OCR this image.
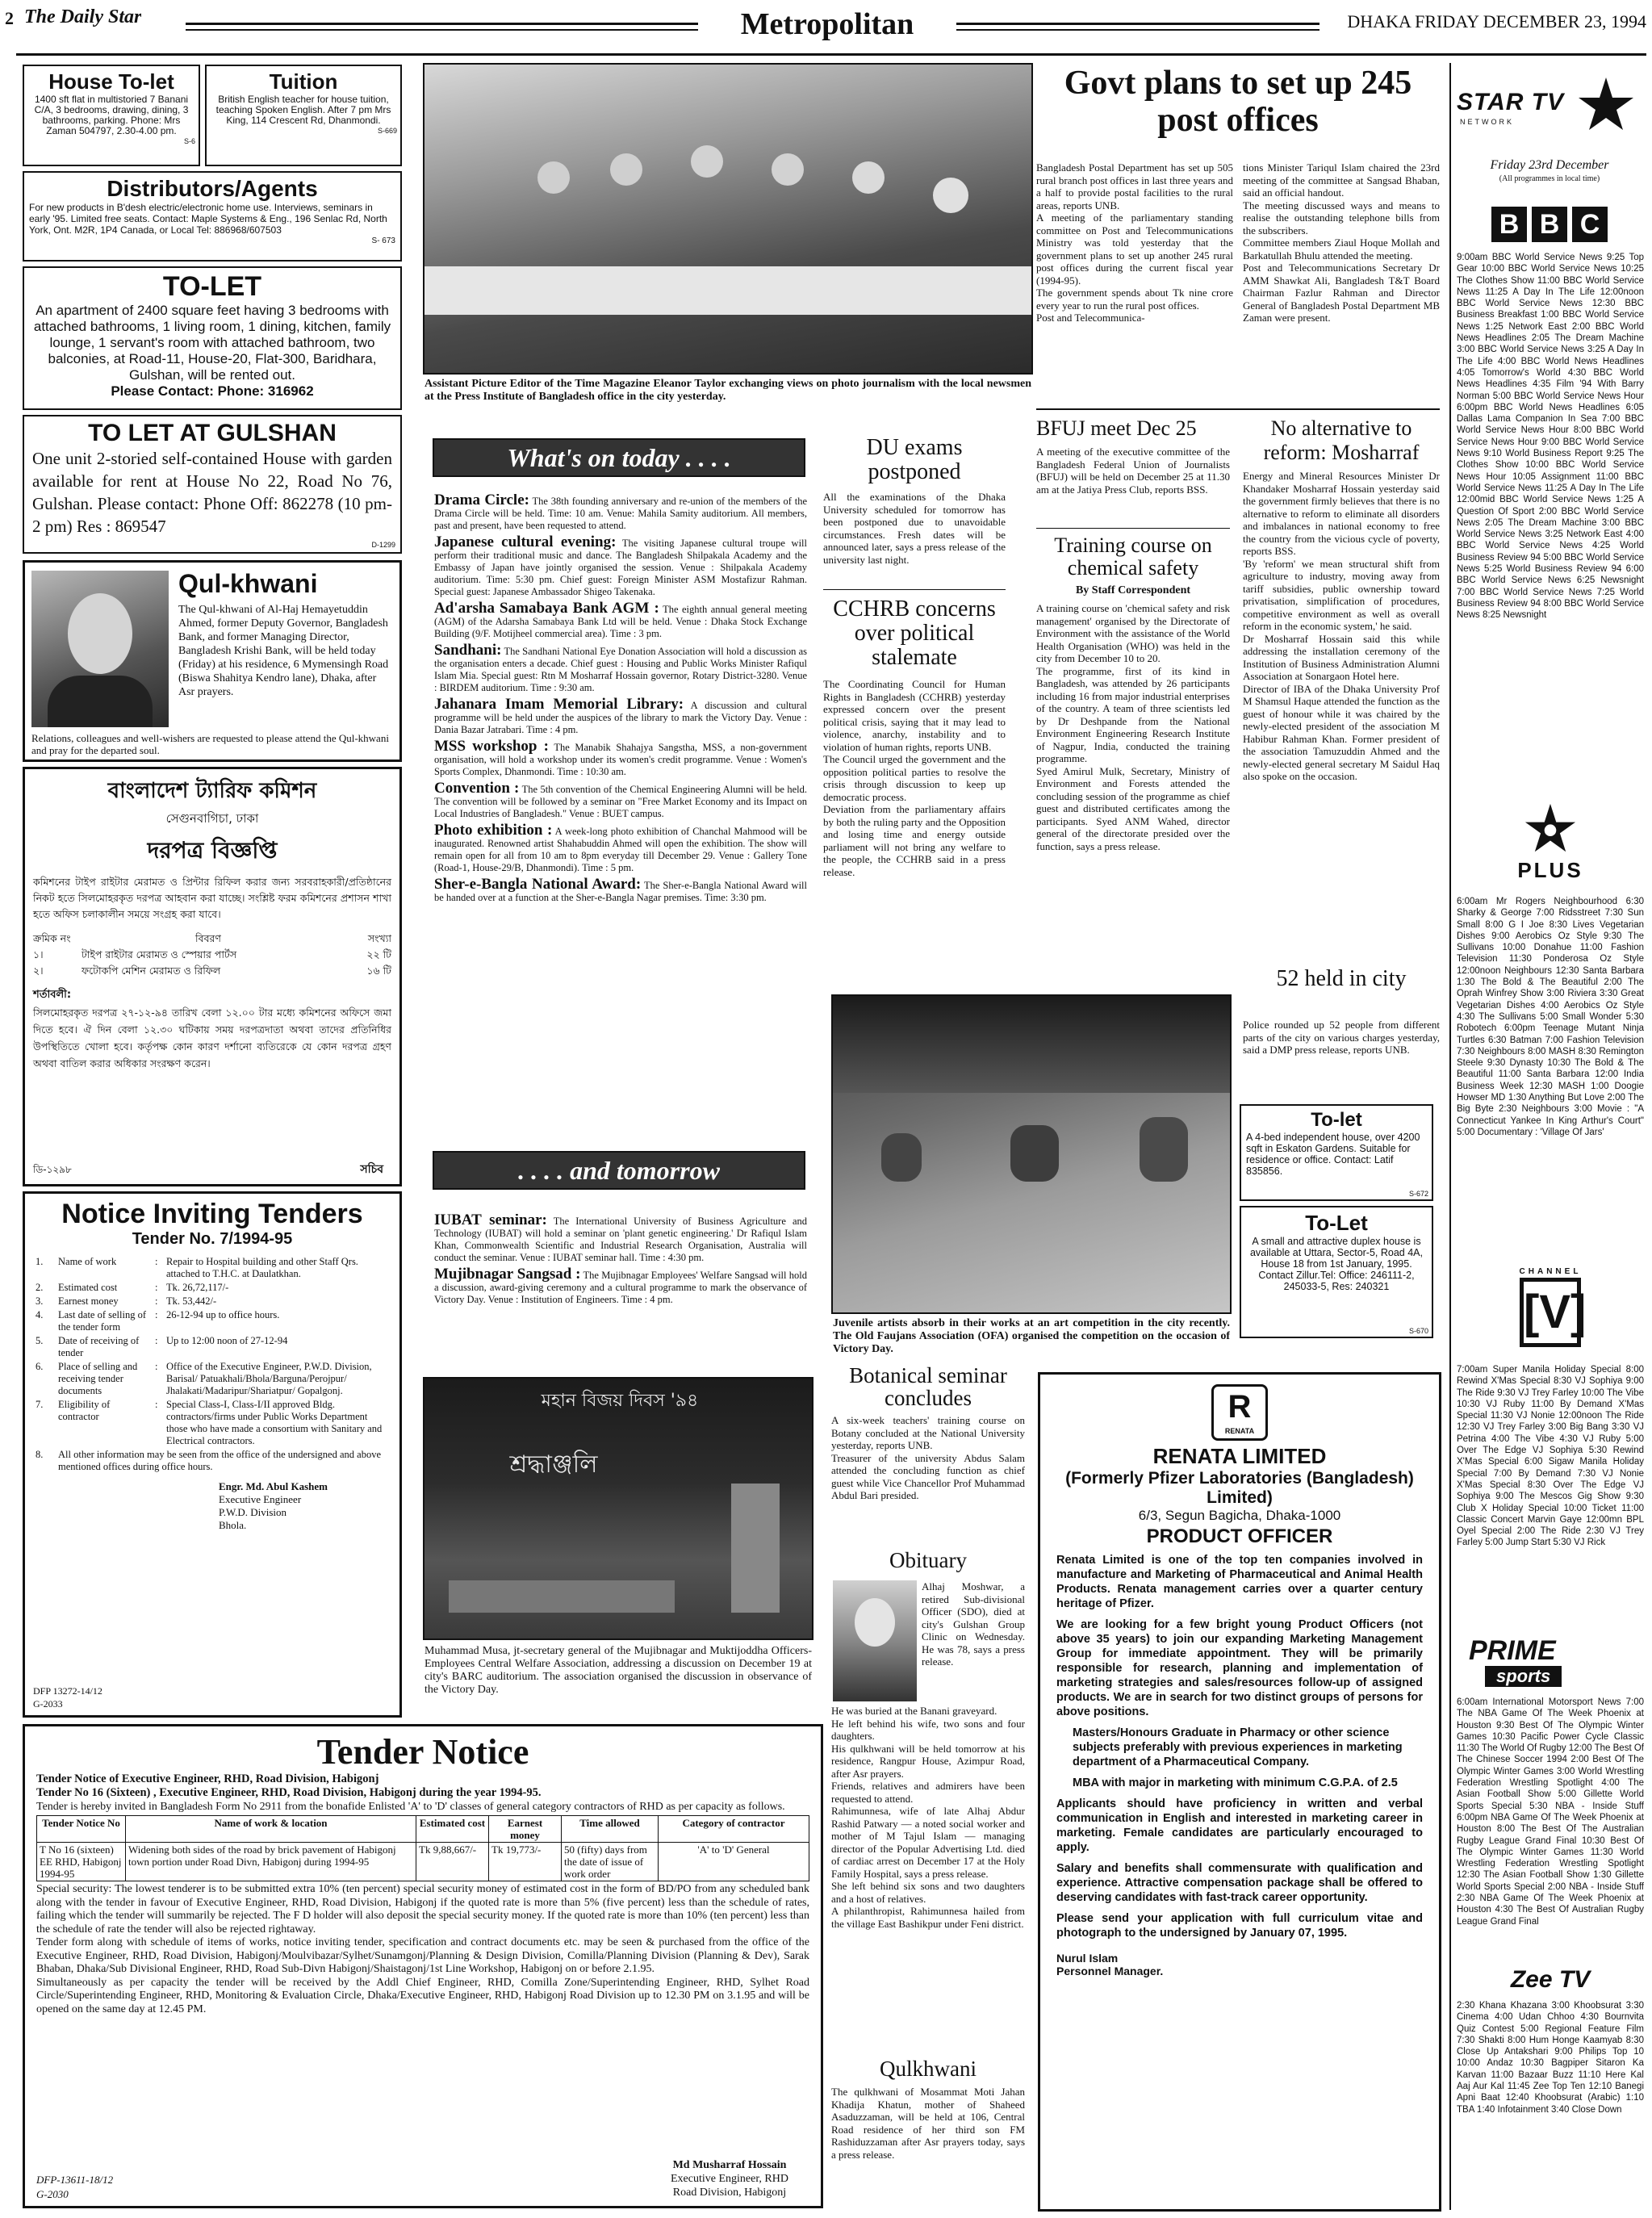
2 The Daily Star	Metropolitan	DHAKA FRIDAY DECEMBER 23, 1994
House To-let
1400 sft flat in multistoried 7 Banani C/A, 3 bedrooms, drawing, dining, 3 bathrooms, parking. Phone: Mrs Zaman 504797, 2.30-4.00 pm.
S-6
Tuition
British English teacher for house tuition, teaching Spoken English. After 7 pm Mrs King, 114 Crescent Rd, Dhanmondi.
S-669
Distributors/Agents
For new products in B'desh electric/electronic home use. Interviews, seminars in early '95. Limited free seats. Contact: Maple Systems & Eng., 196 Senlac Rd, North York, Ont. M2R, 1P4 Canada, or Local Tel: 886968/607503
S- 673
TO-LET
An apartment of 2400 square feet having 3 bedrooms with attached bathrooms, 1 living room, 1 dining, kitchen, family lounge, 1 servant's room with attached bathroom, two balconies, at Road-11, House-20, Flat-300, Baridhara, Gulshan, will be rented out.
Please Contact: Phone: 316962
TO LET AT GULSHAN
One unit 2-storied self-contained House with garden available for rent at House No 22, Road No 76, Gulshan. Please contact: Phone Off: 862278 (10 pm-2 pm) Res : 869547
D-1299
Qul-khwani
The Qul-khwani of Al-Haj Hemayetuddin Ahmed, former Deputy Governor, Bangladesh Bank, and former Managing Director, Bangladesh Krishi Bank, will be held today (Friday) at his residence, 6 Mymensingh Road (Biswa Shahitya Kendro lane), Dhaka, after Asr prayers.
Relations, colleagues and well-wishers are requested to please attend the Qul-khwani and pray for the departed soul.
বাংলাদেশ ট্যারিফ কমিশন
সেগুনবাগিচা, ঢাকা
দরপত্র বিজ্ঞপ্তি
কমিশনের টাইপ রাইটার মেরামত ও প্রিন্টার রিফিল করার জন্য সরবরাহকারী/প্রতিষ্ঠানের নিকট হতে সিলমোহরকৃত দরপত্র আহবান করা যাচ্ছে। সংশ্লিষ্ট ফরম কমিশনের প্রশাসন শাখা হতে অফিস চলাকালীন সময়ে সংগ্রহ করা যাবে।
ক্রমিক নং	বিবরণ	সংখ্যা
১।	টাইপ রাইটার মেরামত ও স্পেয়ার পার্টস	২২ টি
২।	ফটোকপি মেশিন মেরামত ও রিফিল	১৬ টি
শর্তাবলী:
সিলমোহরকৃত দরপত্র ২৭-১২-৯৪ তারিখ বেলা ১২.০০ টার মধ্যে কমিশনের অফিসে জমা দিতে হবে। ঐ দিন বেলা ১২.৩০ ঘটিকায় সময় দরপত্রদাতা অথবা তাদের প্রতিনিধির উপস্থিতিতে খোলা হবে। কর্তৃপক্ষ কোন কারণ দর্শানো ব্যতিরেকে যে কোন দরপত্র গ্রহণ অথবা বাতিল করার অধিকার সংরক্ষণ করেন।
ডি-১২৯৮	সচিব
Notice Inviting Tenders
Tender No. 7/1994-95
1.	Name of work	:	Repair to Hospital building and other Staff Qrs. attached to T.H.C. at Daulatkhan.
2.	Estimated cost	:	Tk. 26,72,117/-
3.	Earnest money	:	Tk. 53,442/-
4.	Last date of selling of the tender form	:	26-12-94 up to office hours.
5.	Date of receiving of tender	:	Up to 12:00 noon of 27-12-94
6.	Place of selling and receiving tender documents	:	Office of the Executive Engineer, P.W.D. Division, Barisal/ Patuakhali/Bhola/Barguna/Perojpur/ Jhalakati/Madaripur/Shariatpur/ Gopalgonj.
7.	Eligibility of contractor	:	Special Class-I, Class-I/II approved Bldg. contractors/firms under Public Works Department those who have made a consortium with Sanitary and Electrical contractors.
8.	All other information may be seen from the office of the undersigned and above mentioned offices during office hours.		
Engr. Md. Abul Kashem
Executive Engineer
P.W.D. Division
Bhola.
DFP 13272-14/12
G-2033
Tender Notice
Tender Notice of Executive Engineer, RHD, Road Division, Habigonj
Tender No 16 (Sixteen) , Executive Engineer, RHD, Road Division, Habigonj during the year 1994-95.
Tender is hereby invited in Bangladesh Form No 2911 from the bonafide Enlisted 'A' to 'D' classes of general category contractors of RHD as per capacity as follows.
Tender Notice No	Name of work & location	Estimated cost	Earnest money	Time allowed	Category of contractor
T No 16 (sixteen) EE RHD, Habigonj 1994-95	Widening both sides of the road by brick pavement of Habigonj town portion under Road Divn, Habigonj during 1994-95	Tk 9,88,667/-	Tk 19,773/-	50 (fifty) days from the date of issue of work order	'A' to 'D' General
Special security: The lowest tenderer is to be submitted extra 10% (ten percent) special security money of estimated cost in the form of BD/PO from any scheduled bank along with the tender in favour of Executive Engineer, RHD, Road Division, Habigonj if the quoted rate is more than 5% (five percent) less than the schedule of rates, failing which the tender will summarily be rejected. The F D holder will also deposit the special security money. If the quoted rate is more than 10% (ten percent) less than the schedule of rate the tender will also be rejected rightaway.
Tender form along with schedule of items of works, notice inviting tender, specification and contract documents etc. may be seen & purchased from the office of the Executive Engineer, RHD, Road Division, Habigonj/Moulvibazar/Sylhet/Sunamgonj/Planning & Design Division, Comilla/Planning Division (Planning & Dev), Sarak Bhaban, Dhaka/Sub Divisional Engineer, RHD, Road Sub-Divn Habigonj/Shaistagonj/1st Line Workshop, Habigonj on or before 2.1.95.
Simultaneously as per capacity the tender will be received by the Addl Chief Engineer, RHD, Comilla Zone/Superintending Engineer, RHD, Sylhet Road Circle/Superintending Engineer, RHD, Monitoring & Evaluation Circle, Dhaka/Executive Engineer, RHD, Habigonj Road Division up to 12.30 PM on 3.1.95 and will be opened on the same day at 12.45 PM.
Md Musharraf Hossain
Executive Engineer, RHD
Road Division, Habigonj
DFP-13611-18/12
G-2030
Assistant Picture Editor of the Time Magazine Eleanor Taylor exchanging views on photo journalism with the local newsmen at the Press Institute of Bangladesh office in the city yesterday.
What's on today . . . .
Drama Circle: The 38th founding anniversary and re-union of the members of the Drama Circle will be held. Time: 10 am. Venue: Mahila Samity auditorium. All members, past and present, have been requested to attend.
Japanese cultural evening: The visiting Japanese cultural troupe will perform their traditional music and dance. The Bangladesh Shilpakala Academy and the Embassy of Japan have jointly organised the session. Venue : Shilpakala Academy auditorium. Time: 5:30 pm. Chief guest: Foreign Minister ASM Mostafizur Rahman. Special guest: Japanese Ambassador Shigeo Takenaka.
Ad'arsha Samabaya Bank AGM : The eighth annual general meeting (AGM) of the Adarsha Samabaya Bank Ltd will be held. Venue : Dhaka Stock Exchange Building (9/F. Motijheel commercial area). Time : 3 pm.
Sandhani: The Sandhani National Eye Donation Association will hold a discussion as the organisation enters a decade. Chief guest : Housing and Public Works Minister Rafiqul Islam Mia. Special guest: Rtn M Mosharraf Hossain governor, Rotary District-3280. Venue : BIRDEM auditorium. Time : 9:30 am.
Jahanara Imam Memorial Library: A discussion and cultural programme will be held under the auspices of the library to mark the Victory Day. Venue : Dania Bazar Jatrabari. Time : 4 pm.
MSS workshop : The Manabik Shahajya Sangstha, MSS, a non-government organisation, will hold a workshop under its women's credit programme. Venue : Women's Sports Complex, Dhanmondi. Time : 10:30 am.
Convention : The 5th convention of the Chemical Engineering Alumni will be held. The convention will be followed by a seminar on "Free Market Economy and its Impact on Local Industries of Bangladesh." Venue : BUET campus.
Photo exhibition : A week-long photo exhibition of Chanchal Mahmood will be inaugurated. Renowned artist Shahabuddin Ahmed will open the exhibition. The show will remain open for all from 10 am to 8pm everyday till December 29. Venue : Gallery Tone (Road-1, House-29/B, Dhanmondi). Time : 5 pm.
Sher-e-Bangla National Award: The Sher-e-Bangla National Award will be handed over at a function at the Sher-e-Bangla Nagar premises. Time: 3:30 pm.
. . . . and tomorrow
IUBAT seminar: The International University of Business Agriculture and Technology (IUBAT) will hold a seminar on 'plant genetic engineering.' Dr Rafiqul Islam Khan, Commonwealth Scientific and Industrial Research Organisation, Australia will conduct the seminar. Venue : IUBAT seminar hall. Time : 4:30 pm.
Mujibnagar Sangsad : The Mujibnagar Employees' Welfare Sangsad will hold a discussion, award-giving ceremony and a cultural programme to mark the observance of Victory Day. Venue : Institution of Engineers. Time : 4 pm.
মহান বিজয় দিবস '৯৪
শ্রদ্ধাঞ্জলি
Muhammad Musa, jt-secretary general of the Mujibnagar and Muktijoddha Officers-Employees Central Welfare Association, addressing a discussion on December 19 at city's BARC auditorium. The association organised the discussion in observance of the Victory Day.
Govt plans to set up 245 post offices
Bangladesh Postal Department has set up 505 rural branch post offices in last three years and a half to provide postal facilities to the rural areas, reports UNB.
A meeting of the parliamentary standing committee on Post and Telecommunications Ministry was told yesterday that the government plans to set up another 245 rural post offices during the current fiscal year (1994-95).
The government spends about Tk nine crore every year to run the rural post offices.
Post and Telecommunica-
tions Minister Tariqul Islam chaired the 23rd meeting of the committee at Sangsad Bhaban, said an official handout.
The meeting discussed ways and means to realise the outstanding telephone bills from the subscribers.
Committee members Ziaul Hoque Mollah and Barkatullah Bhulu attended the meeting.
Post and Telecommunications Secretary Dr AMM Shawkat Ali, Bangladesh T&T Board Chairman Fazlur Rahman and Director General of Bangladesh Postal Department MB Zaman were present.
DU exams postponed
All the examinations of the Dhaka University scheduled for tomorrow has been postponed due to unavoidable circumstances. Fresh dates will be announced later, says a press release of the university last night.
CCHRB concerns over political stalemate
The Coordinating Council for Human Rights in Bangladesh (CCHRB) yesterday expressed concern over the present political crisis, saying that it may lead to violence, anarchy, instability and to violation of human rights, reports UNB.
The Council urged the government and the opposition political parties to resolve the crisis through discussion to keep up democratic process.
Deviation from the parliamentary affairs by both the ruling party and the Opposition and losing time and energy outside parliament will not bring any welfare to the people, the CCHRB said in a press release.
BFUJ meet Dec 25
A meeting of the executive committee of the Bangladesh Federal Union of Journalists (BFUJ) will be held on December 25 at 11.30 am at the Jatiya Press Club, reports BSS.
Training course on chemical safety
By Staff Correspondent
A training course on 'chemical safety and risk management' organised by the Directorate of Environment with the assistance of the World Health Organisation (WHO) was held in the city from December 10 to 20.
The programme, first of its kind in Bangladesh, was attended by 26 participants including 16 from major industrial enterprises of the country. A team of three scientists led by Dr Deshpande from the National Environment Engineering Research Institute of Nagpur, India, conducted the training programme.
Syed Amirul Mulk, Secretary, Ministry of Environment and Forests attended the concluding session of the programme as chief guest and distributed certificates among the participants. Syed ANM Wahed, director general of the directorate presided over the function, says a press release.
No alternative to reform: Mosharraf
Energy and Mineral Resources Minister Dr Khandaker Mosharraf Hossain yesterday said the government firmly believes that there is no alternative to reform to eliminate all disorders and imbalances in national economy to free the country from the vicious cycle of poverty, reports BSS.
'By 'reform' we mean structural shift from agriculture to industry, moving away from tariff subsidies, public ownership toward privatisation, simplification of procedures, competitive environment as well as overall reform in the economic system,' he said.
Dr Mosharraf Hossain said this while addressing the installation ceremony of the Institution of Business Administration Alumni Association at Sonargaon Hotel here.
Director of IBA of the Dhaka University Prof M Shamsul Haque attended the function as the guest of honour while it was chaired by the newly-elected president of the association M Habibur Rahman Khan. Former president of the association Tamuzuddin Ahmed and the newly-elected general secretary M Saidul Haq also spoke on the occasion.
52 held in city
Police rounded up 52 people from different parts of the city on various charges yesterday, said a DMP press release, reports UNB.
Juvenile artists absorb in their works at an art competition in the city recently. The Old Faujans Association (OFA) organised the competition on the occasion of Victory Day.
To-let
A 4-bed independent house, over 4200 sqft in Eskaton Gardens. Suitable for residence or office. Contact: Latif 835856.
S-672
To-Let
A small and attractive duplex house is available at Uttara, Sector-5, Road 4A, House 18 from 1st January, 1995.
Contact Zillur.Tel: Office: 246111-2, 245033-5, Res: 240321
S-670
Botanical seminar concludes
A six-week teachers' training course on Botany concluded at the National University yesterday, reports UNB.
Treasurer of the university Abdus Salam attended the concluding function as chief guest while Vice Chancellor Prof Muhammad Abdul Bari presided.
Obituary
Alhaj Moshwar, a retired Sub-divisional Officer (SDO), died at city's Gulshan Group Clinic on Wednesday. He was 78, says a press release.
He was buried at the Banani graveyard.
He left behind his wife, two sons and four daughters.
His qulkhwani will be held tomorrow at his residence, Rangpur House, Azimpur Road, after Asr prayers.
Friends, relatives and admirers have been requested to attend.
Rahimunnesa, wife of late Alhaj Abdur Rashid Patwary — a noted social worker and mother of M Tajul Islam — managing director of the Popular Advertising Ltd. died of cardiac arrest on December 17 at the Holy Family Hospital, says a press release.
She left behind six sons and two daughters and a host of relatives.
A philanthropist, Rahimunnesa hailed from the village East Bashikpur under Feni district.
Qulkhwani
The qulkhwani of Mosammat Moti Jahan Khadija Khatun, mother of Shaheed Asaduzzaman, will be held at 106, Central Road residence of her third son FM Rashiduzzaman after Asr prayers today, says a press release.
R
RENATA
RENATA LIMITED
(Formerly Pfizer Laboratories (Bangladesh) Limited)
6/3, Segun Bagicha, Dhaka-1000
PRODUCT OFFICER
Renata Limited is one of the top ten companies involved in manufacture and Marketing of Pharmaceutical and Animal Health Products. Renata management carries over a quarter century heritage of Pfizer.
We are looking for a few bright young Product Officers (not above 35 years) to join our expanding Marketing Management Group for immediate appointment. They will be primarily responsible for research, planning and implementation of marketing strategies and sales/resources follow-up of assigned products. We are in search for two distinct groups of persons for above positions.
Masters/Honours Graduate in Pharmacy or other science subjects preferably with previous experiences in marketing department of a Pharmaceutical Company.
MBA with major in marketing with minimum C.G.P.A. of 2.5
Applicants should have proficiency in written and verbal communication in English and interested in marketing career in marketing. Female candidates are particularly encouraged to apply.
Salary and benefits shall commensurate with qualification and experience. Attractive compensation package shall be offered to deserving candidates with fast-track career opportunity.
Please send your application with full curriculum vitae and photograph to the undersigned by January 07, 1995.
Nurul Islam
Personnel Manager.
STAR TV
NETWORK
Friday 23rd December
(All programmes in local time)
B B C
9:00am BBC World Service News 9:25 Top Gear 10:00 BBC World Service News 10:25 The Clothes Show 11:00 BBC World Service News 11:25 A Day In The Life 12:00noon BBC World Service News 12:30 BBC Business Breakfast 1:00 BBC World Service News 1:25 Network East 2:00 BBC World News Headlines 2:05 The Dream Machine 3:00 BBC World Service News 3:25 A Day In The Life 4:00 BBC World News Headlines 4:05 Tomorrow's World 4:30 BBC World News Headlines 4:35 Film '94 With Barry Norman 5:00 BBC World Service News Hour 6:00pm BBC World News Headlines 6:05 Dallas Lama Companion In Sea 7:00 BBC World Service News Hour 8:00 BBC World Service News Hour 9:00 BBC World Service News 9:10 World Business Report 9:25 The Clothes Show 10:00 BBC World Service News Hour 10:05 Assignment 11:00 BBC World Service News 11:25 A Day In The Life 12:00mid BBC World Service News 1:25 A Question Of Sport 2:00 BBC World Service News 2:05 The Dream Machine 3:00 BBC World Service News 3:25 Network East 4:00 BBC World Service News 4:25 World Business Review 94 5:00 BBC World Service News 5:25 World Business Review 94 6:00 BBC World Service News 6:25 Newsnight 7:00 BBC World Service News 7:25 World Business Review 94 8:00 BBC World Service News 8:25 Newsnight
PLUS
6:00am Mr Rogers Neighbourhood 6:30 Sharky & George 7:00 Ridsstreet 7:30 Sun Small 8:00 G I Joe 8:30 Lives Vegetarian Dishes 9:00 Aerobics Oz Style 9:30 The Sullivans 10:00 Donahue 11:00 Fashion Television 11:30 Ponderosa Oz Style 12:00noon Neighbours 12:30 Santa Barbara 1:30 The Bold & The Beautiful 2:00 The Oprah Winfrey Show 3:00 Riviera 3:30 Great Vegetarian Dishes 4:00 Aerobics Oz Style 4:30 The Sullivans 5:00 Small Wonder 5:30 Robotech 6:00pm Teenage Mutant Ninja Turtles 6:30 Batman 7:00 Fashion Television 7:30 Neighbours 8:00 MASH 8:30 Remington Steele 9:30 Dynasty 10:30 The Bold & The Beautiful 11:00 Santa Barbara 12:00 India Business Week 12:30 MASH 1:00 Doogie Howser MD 1:30 Anything But Love 2:00 The Big Byte 2:30 Neighbours 3:00 Movie : "A Connecticut Yankee In King Arthur's Court" 5:00 Documentary : 'Village Of Jars'
CHANNEL
[V]
7:00am Super Manila Holiday Special 8:00 Rewind X'Mas Special 8:30 VJ Sophiya 9:00 The Ride 9:30 VJ Trey Farley 10:00 The Vibe 10:30 VJ Ruby 11:00 By Demand X'Mas Special 11:30 VJ Nonie 12:00noon The Ride 12:30 VJ Trey Farley 3:00 Big Bang 3:30 VJ Petrina 4:00 The Vibe 4:30 VJ Ruby 5:00 Over The Edge VJ Sophiya 5:30 Rewind X'Mas Special 6:00 Sigaw Manila Holiday Special 7:00 By Demand 7:30 VJ Nonie X'Mas Special 8:30 Over The Edge VJ Sophiya 9:00 The Mescos Gig Show 9:30 Club X Holiday Special 10:00 Ticket 11:00 Classic Concert Marvin Gaye 12:00mn BPL Oyel Special 2:00 The Ride 2:30 VJ Trey Farley 5:00 Jump Start 5:30 VJ Rick
PRIME
sports
6:00am International Motorsport News 7:00 The NBA Game Of The Week Phoenix at Houston 9:30 Best Of The Olympic Winter Games 10:30 Pacific Power Cycle Classic 11:30 The World Of Rugby 12:00 The Best Of The Chinese Soccer 1994 2:00 Best Of The Olympic Winter Games 3:00 World Wrestling Federation Wrestling Spotlight 4:00 The Asian Football Show 5:00 Gillette World Sports Special 5:30 NBA - Inside Stuff 6:00pm NBA Game Of The Week Phoenix at Houston 8:00 The Best Of The Australian Rugby League Grand Final 10:30 Best Of The Olympic Winter Games 11:30 World Wrestling Federation Wrestling Spotlight 12:30 The Asian Football Show 1:30 Gillette World Sports Special 2:00 NBA - Inside Stuff 2:30 NBA Game Of The Week Phoenix at Houston 4:30 The Best Of Australian Rugby League Grand Final
Zee TV
2:30 Khana Khazana 3:00 Khoobsurat 3:30 Cinema 4:00 Udan Chhoo 4:30 Bournvita Quiz Contest 5:00 Regional Feature Film 7:30 Shakti 8:00 Hum Honge Kaamyab 8:30 Close Up Antakshari 9:00 Philips Top 10 10:00 Andaz 10:30 Bagpiper Sitaron Ka Karvan 11:00 Bazaar Buzz 11:10 Here Kal Aaj Aur Kal 11:45 Zee Top Ten 12:10 Banegi Apni Baat 12:40 Khoobsurat (Arabic) 1:10 TBA 1:40 Infotainment 3:40 Close Down
